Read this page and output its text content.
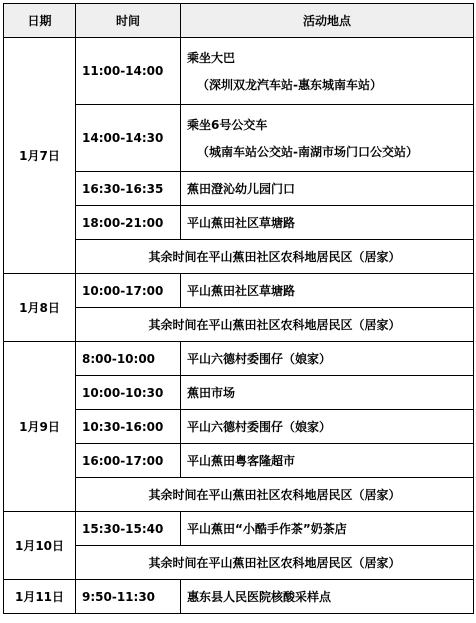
日期	时间	活动地点
1月7日	11:00-14:00	乘坐大巴
（深圳双龙汽车站-惠东城南车站）

	14:00-14:30	乘坐6号公交车
（城南车站公交站-南湖市场门口公交站）

	16:30-16:35	蕉田澄沁幼儿园门口
	18:00-21:00	平山蕉田社区草塘路
	其余时间在平山蕉田社区农科地居民区（居家）	
1月8日	10:00-17:00	平山蕉田社区草塘路
	其余时间在平山蕉田社区农科地居民区（居家）	
1月9日	8:00-10:00	平山六德村委围仔（娘家）
	10:00-10:30	蕉田市场
	10:30-16:00	平山六德村委围仔（娘家）
	16:00-17:00	平山蕉田粤客隆超市
	其余时间在平山蕉田社区农科地居民区（居家）	
1月10日	15:30-15:40	平山蕉田“小酷手作茶”奶茶店
	其余时间在平山蕉田社区农科地居民区（居家）	
1月11日	9:50-11:30	惠东县人民医院核酸采样点
